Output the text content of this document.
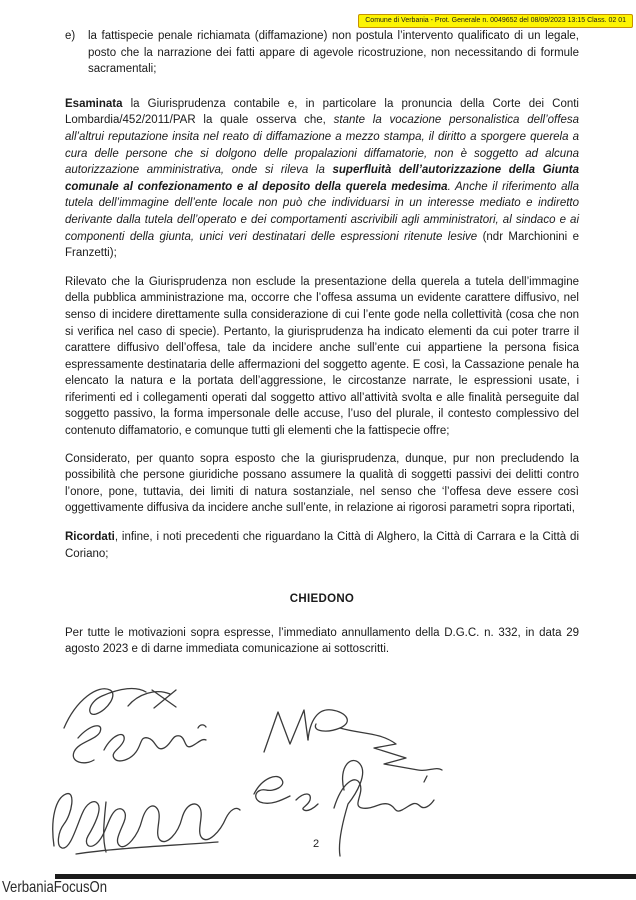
Comune di Verbania - Prot. Generale n. 0049652 del 08/09/2023 13:15 Class. 02 01
e) la fattispecie penale richiamata (diffamazione) non postula l’intervento qualificato di un legale, posto che la narrazione dei fatti appare di agevole ricostruzione, non necessitando di formule sacramentali;

Esaminata la Giurisprudenza contabile e, in particolare la pronuncia della Corte dei Conti Lombardia/452/2011/PAR la quale osserva che, stante la vocazione personalistica dell’offesa all’altrui reputazione insita nel reato di diffamazione a mezzo stampa, il diritto a sporgere querela a cura delle persone che si dolgono delle propalazioni diffamatorie, non è soggetto ad alcuna autorizzazione amministrativa, onde si rileva la superfluità dell’autorizzazione della Giunta comunale al confezionamento e al deposito della querela medesima. Anche il riferimento alla tutela dell’immagine dell’ente locale non può che individuarsi in un interesse mediato e indiretto derivante dalla tutela dell’operato e dei comportamenti ascrivibili agli amministratori, al sindaco e ai componenti della giunta, unici veri destinatari delle espressioni ritenute lesive (ndr Marchionini e Franzetti);

Rilevato che la Giurisprudenza non esclude la presentazione della querela a tutela dell’immagine della pubblica amministrazione ma, occorre che l’offesa assuma un evidente carattere diffusivo, nel senso di incidere direttamente sulla considerazione di cui l’ente gode nella collettività (cosa che non si verifica nel caso di specie). Pertanto, la giurisprudenza ha indicato elementi da cui poter trarre il carattere diffusivo dell’offesa, tale da incidere anche sull’ente cui appartiene la persona fisica espressamente destinataria delle affermazioni del soggetto agente. E così, la Cassazione penale ha elencato la natura e la portata dell’aggressione, le circostanze narrate, le espressioni usate, i riferimenti ed i collegamenti operati dal soggetto attivo all’attività svolta e alle finalità perseguite dal soggetto passivo, la forma impersonale delle accuse, l’uso del plurale, il contesto complessivo del contenuto diffamatorio, e comunque tutti gli elementi che la fattispecie offre;

Considerato, per quanto sopra esposto che la giurisprudenza, dunque, pur non precludendo la possibilità che persone giuridiche possano assumere la qualità di soggetti passivi dei delitti contro l’onore, pone, tuttavia, dei limiti di natura sostanziale, nel senso che ‘l’offesa deve essere così oggettivamente diffusiva da incidere anche sull’ente, in relazione ai rigorosi parametri sopra riportati,

Ricordati, infine, i noti precedenti che riguardano la Città di Alghero, la Città di Carrara e la Città di Coriano;

CHIEDONO

Per tutte le motivazioni sopra espresse, l’immediato annullamento della D.G.C. n. 332, in data 29 agosto 2023 e di darne immediata comunicazione ai sottoscritti.

2
VerbaniaFocusOn
